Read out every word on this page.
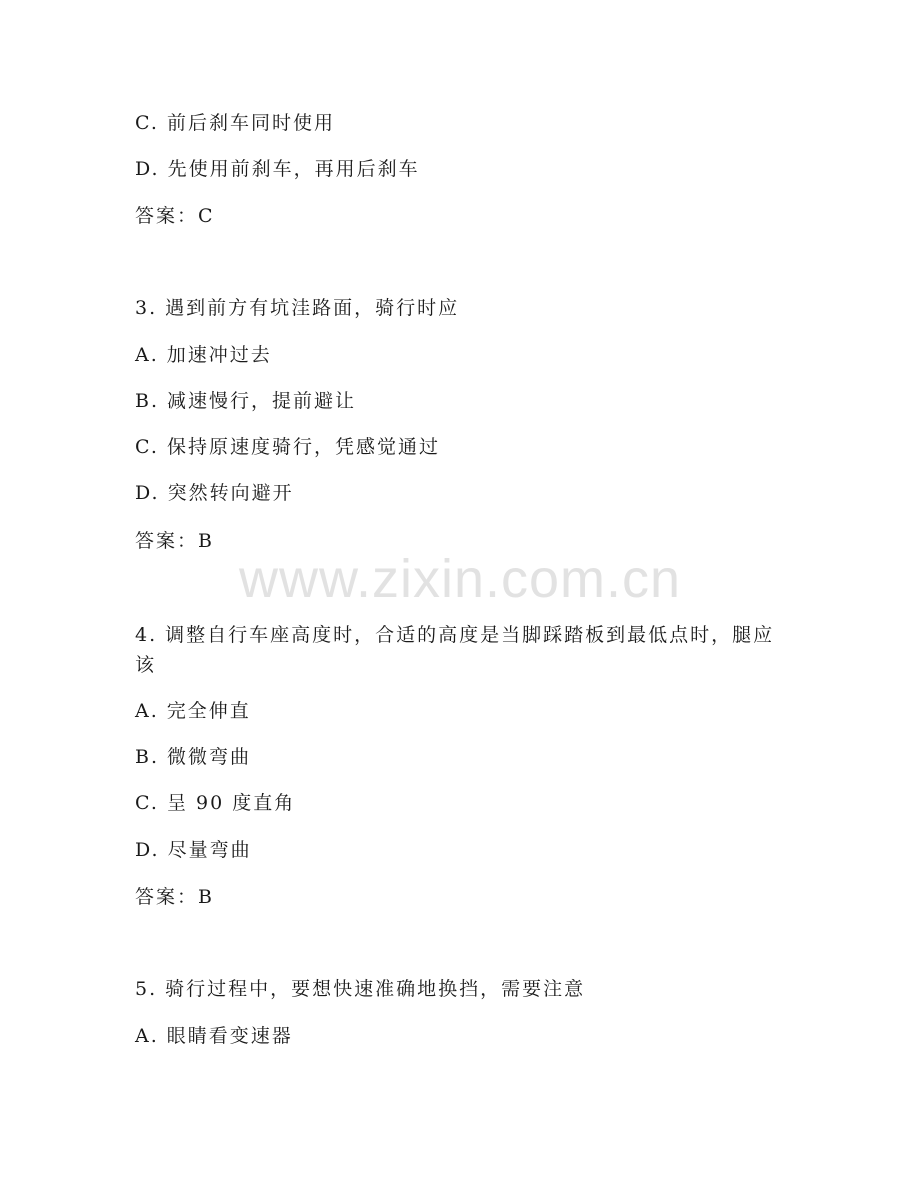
C. 前后刹车同时使用
D. 先使用前刹车，再用后刹车
答案：C
3. 遇到前方有坑洼路面，骑行时应
A. 加速冲过去
B. 减速慢行，提前避让
C. 保持原速度骑行，凭感觉通过
D. 突然转向避开
答案：B
4. 调整自行车座高度时，合适的高度是当脚踩踏板到最低点时，腿应该
A. 完全伸直
B. 微微弯曲
C. 呈 90 度直角
D. 尽量弯曲
答案：B
5. 骑行过程中，要想快速准确地换挡，需要注意
A. 眼睛看变速器
www.zixin.com.cn
